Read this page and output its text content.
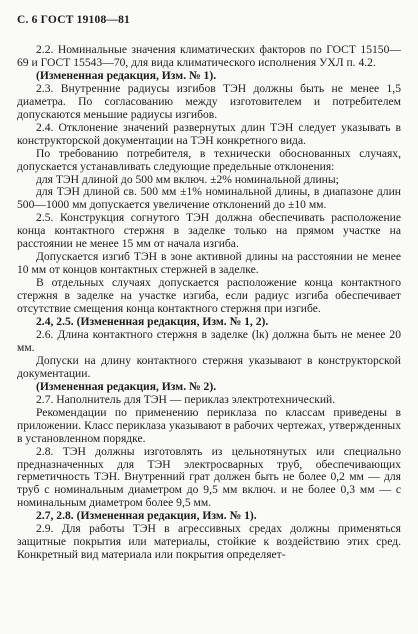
С. 6 ГОСТ 19108—81

2.2. Номинальные значения климатических факторов по ГОСТ 15150—69 и ГОСТ 15543—70, для вида климатического исполнения УХЛ п. 4.2.

(Измененная редакция, Изм. № 1).

2.3. Внутренние радиусы изгибов ТЭН должны быть не менее 1,5 диаметра. По согласованию между изготовителем и потребителем допускаются меньшие радиусы изгибов.

2.4. Отклонение значений развернутых длин ТЭН следует указывать в конструкторской документации на ТЭН конкретного вида.

По требованию потребителя, в технически обоснованных случаях, допускается устанавливать следующие предельные отклонения:

для ТЭН длиной до 500 мм включ. ±2% номинальной длины;

для ТЭН длиной св. 500 мм ±1% номинальной длины, в диапазоне длин 500—1000 мм допускается увеличение отклонений до ±10 мм.

2.5. Конструкция согнутого ТЭН должна обеспечивать расположение конца контактного стержня в заделке только на прямом участке на расстоянии не менее 15 мм от начала изгиба.

Допускается изгиб ТЭН в зоне активной длины на расстоянии не менее 10 мм от концов контактных стержней в заделке.

В отдельных случаях допускается расположение конца контактного стержня в заделке на участке изгиба, если радиус изгиба обеспечивает отсутствие смещения конца контактного стержня при изгибе.

2.4, 2.5. (Измененная редакция, Изм. № 1, 2).

2.6. Длина контактного стержня в заделке (lк) должна быть не менее 20 мм.

Допуски на длину контактного стержня указывают в конструкторской документации.

(Измененная редакция, Изм. № 2).

2.7. Наполнитель для ТЭН — периклаз электротехнический.

Рекомендации по применению периклаза по классам приведены в приложении. Класс периклаза указывают в рабочих чертежах, утвержденных в установленном порядке.

2.8. ТЭН должны изготовлять из цельнотянутых или специально предназначенных для ТЭН электросварных труб, обеспечивающих герметичность ТЭН. Внутренний грат должен быть не более 0,2 мм — для труб с номинальным диаметром до 9,5 мм включ. и не более 0,3 мм — с номинальным диаметром более 9,5 мм.

2.7, 2.8. (Измененная редакция, Изм. № 1).

2.9. Для работы ТЭН в агрессивных средах должны применяться защитные покрытия или материалы, стойкие к воздействию этих сред. Конкретный вид материала или покрытия определяет-
